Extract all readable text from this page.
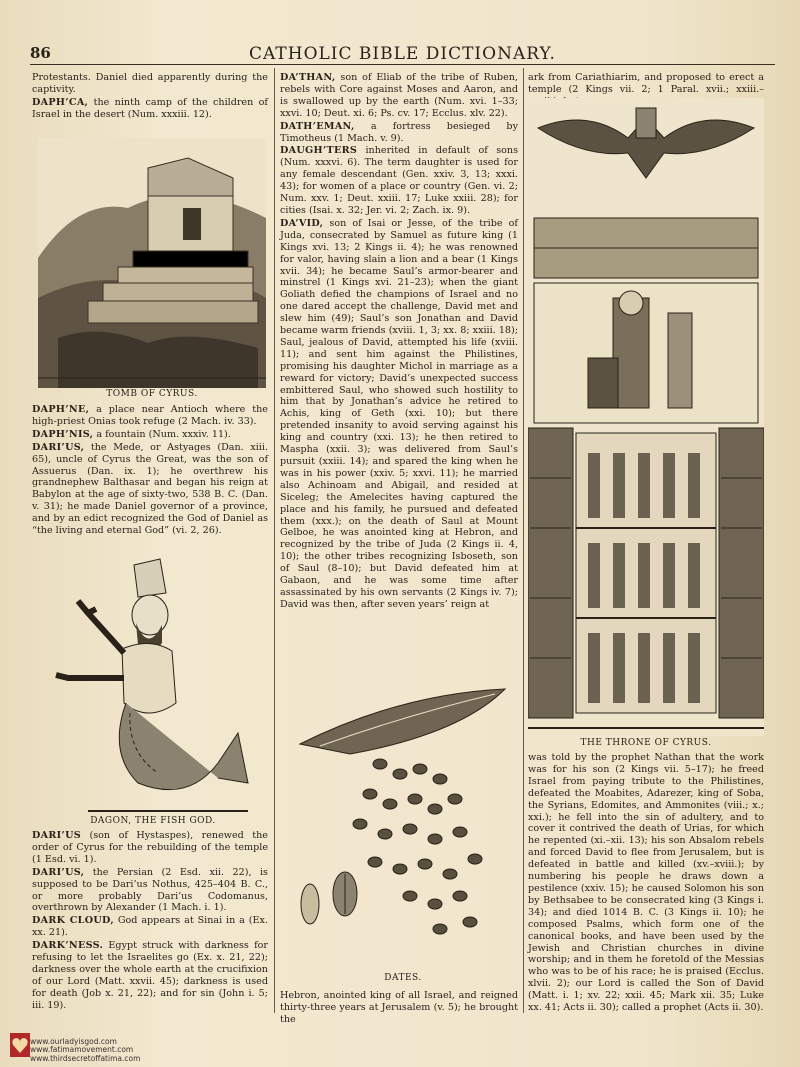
86	CATHOLIC BIBLE DICTIONARY.

Protestants. Daniel died apparently during the captivity.

DAPH’CA, the ninth camp of the children of Israel in the desert (Num. xxxiii. 12).

TOMB OF CYRUS.

DAPH’NE, a place near Antioch where the high-priest Onias took refuge (2 Mach. iv. 33).

DAPH’NIS, a fountain (Num. xxxiv. 11).

DARI’US, the Mede, or Astyages (Dan. xiii. 65), uncle of Cyrus the Great, was the son of Assuerus (Dan. ix. 1); he overthrew his grandnephew Balthasar and began his reign at Babylon at the age of sixty-two, 538 B. C. (Dan. v. 31); he made Daniel governor of a province, and by an edict recognized the God of Daniel as “the living and eternal God” (vi. 2, 26).

DAGON, THE FISH GOD.

DARI’US (son of Hystaspes), renewed the order of Cyrus for the rebuilding of the temple (1 Esd. vi. 1).

DARI’US, the Persian (2 Esd. xii. 22), is supposed to be Dari’us Nothus, 425–404 B. C., or more probably Dari’us Codomanus, overthrown by Alexander (1 Mach. i. 1).

DARK CLOUD, God appears at Sinai in a (Ex. xx. 21).

DARK’NESS. Egypt struck with darkness for refusing to let the Israelites go (Ex. x. 21, 22); darkness over the whole earth at the crucifixion of our Lord (Matt. xxvii. 45); darkness is used for death (Job x. 21, 22); and for sin (John i. 5; iii. 19).

DA’THAN, son of Eliab of the tribe of Ruben, rebels with Core against Moses and Aaron, and is swallowed up by the earth (Num. xvi. 1–33; xxvi. 10; Deut. xi. 6; Ps. cv. 17; Ecclus. xlv. 22).

DATH’EMAN, a fortress besieged by Timotheus (1 Mach. v. 9).

DAUGH’TERS inherited in default of sons (Num. xxxvi. 6). The term daughter is used for any female descendant (Gen. xxiv. 3, 13; xxxi. 43); for women of a place or country (Gen. vi. 2; Num. xxv. 1; Deut. xxiii. 17; Luke xxiii. 28); for cities (Isai. x. 32; Jer. vi. 2; Zach. ix. 9).

DA’VID, son of Isai or Jesse, of the tribe of Juda, consecrated by Samuel as future king (1 Kings xvi. 13; 2 Kings ii. 4); he was renowned for valor, having slain a lion and a bear (1 Kings xvii. 34); he became Saul’s armor-bearer and minstrel (1 Kings xvi. 21–23); when the giant Goliath defied the champions of Israel and no one dared accept the challenge, David met and slew him (49); Saul’s son Jonathan and David became warm friends (xviii. 1, 3; xx. 8; xxiii. 18); Saul, jealous of David, attempted his life (xviii. 11); and sent him against the Philistines, promising his daughter Michol in marriage as a reward for victory; David’s unexpected success embittered Saul, who showed such hostility to him that by Jonathan’s advice he retired to Achis, king of Geth (xxi. 10); but there pretended insanity to avoid serving against his king and country (xxi. 13); he then retired to Maspha (xxii. 3); was delivered from Saul’s pursuit (xxiii. 14); and spared the king when he was in his power (xxiv. 5; xxvi. 11); he married also Achinoam and Abigail, and resided at Siceleg; the Amelecites having captured the place and his family, he pursued and defeated them (xxx.); on the death of Saul at Mount Gelboe, he was anointed king at Hebron, and recognized by the tribe of Juda (2 Kings ii. 4, 10); the other tribes recognizing Isboseth, son of Saul (8–10); but David defeated him at Gabaon, and he was some time after assassinated by his own servants (2 Kings iv. 7); David was then, after seven years’ reign at

DATES.

Hebron, anointed king of all Israel, and reigned thirty-three years at Jerusalem (v. 5); he brought the

ark from Cariathiarim, and proposed to erect a temple (2 Kings vii. 2; 1 Paral. xvii.; xxiii.–

THE THRONE OF CYRUS.

was told by the prophet Nathan that the work was for his son (2 Kings vii. 5–17); he freed Israel from paying tribute to the Philistines, defeated the Moabites, Adarezer, king of Soba, the Syrians, Edomites, and Ammonites (viii.; x.; xxi.); he fell into the sin of adultery, and to cover it contrived the death of Urias, for which he repented (xi.–xii. 13); his son Absalom rebels and forced David to flee from Jerusalem, but is defeated in battle and killed (xv.–xviii.); by numbering his people he draws down a pestilence (xxiv. 15); he caused Solomon his son by Bethsabee to be consecrated king (3 Kings i. 34); and died 1014 B. C. (3 Kings ii. 10); he composed Psalms, which form one of the canonical books, and have been used by the Jewish and Christian churches in divine worship; and in them he foretold of the Messias who was to be of his race; he is praised (Ecclus. xlvii. 2); our Lord is called the Son of David (Matt. i. 1; xv. 22; xxii. 45; Mark xii. 35; Luke xx. 41; Acts ii. 30); called a prophet (Acts ii. 30).

www.ourladyisgod.com
www.fatimamovement.com
www.thirdsecretoffatima.com
